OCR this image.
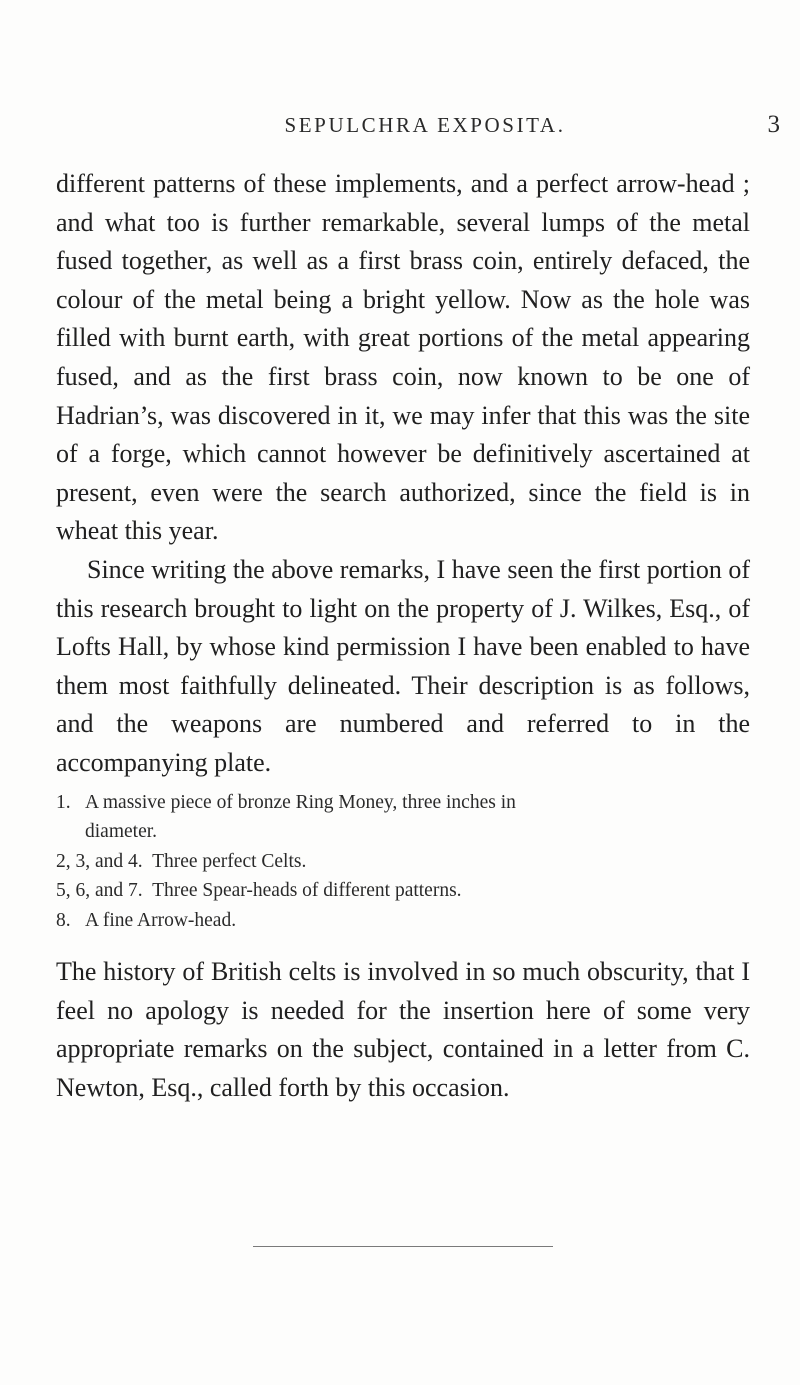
SEPULCHRA EXPOSITA.	3

different patterns of these implements, and a perfect arrow-head ; and what too is further remarkable, several lumps of the metal fused together, as well as a first brass coin, entirely defaced, the colour of the metal being a bright yellow. Now as the hole was filled with burnt earth, with great portions of the metal appearing fused, and as the first brass coin, now known to be one of Hadrian’s, was discovered in it, we may infer that this was the site of a forge, which cannot however be definitively ascertained at present, even were the search authorized, since the field is in wheat this year.

Since writing the above remarks, I have seen the first portion of this research brought to light on the property of J. Wilkes, Esq., of Lofts Hall, by whose kind permission I have been enabled to have them most faithfully delineated. Their description is as follows, and the weapons are numbered and referred to in the accompanying plate.

1. A massive piece of bronze Ring Money, three inches in
diameter.
2, 3, and 4. Three perfect Celts.
5, 6, and 7. Three Spear-heads of different patterns.
8. A fine Arrow-head.

The history of British celts is involved in so much obscurity, that I feel no apology is needed for the insertion here of some very appropriate remarks on the subject, contained in a letter from C. Newton, Esq., called forth by this occasion.
